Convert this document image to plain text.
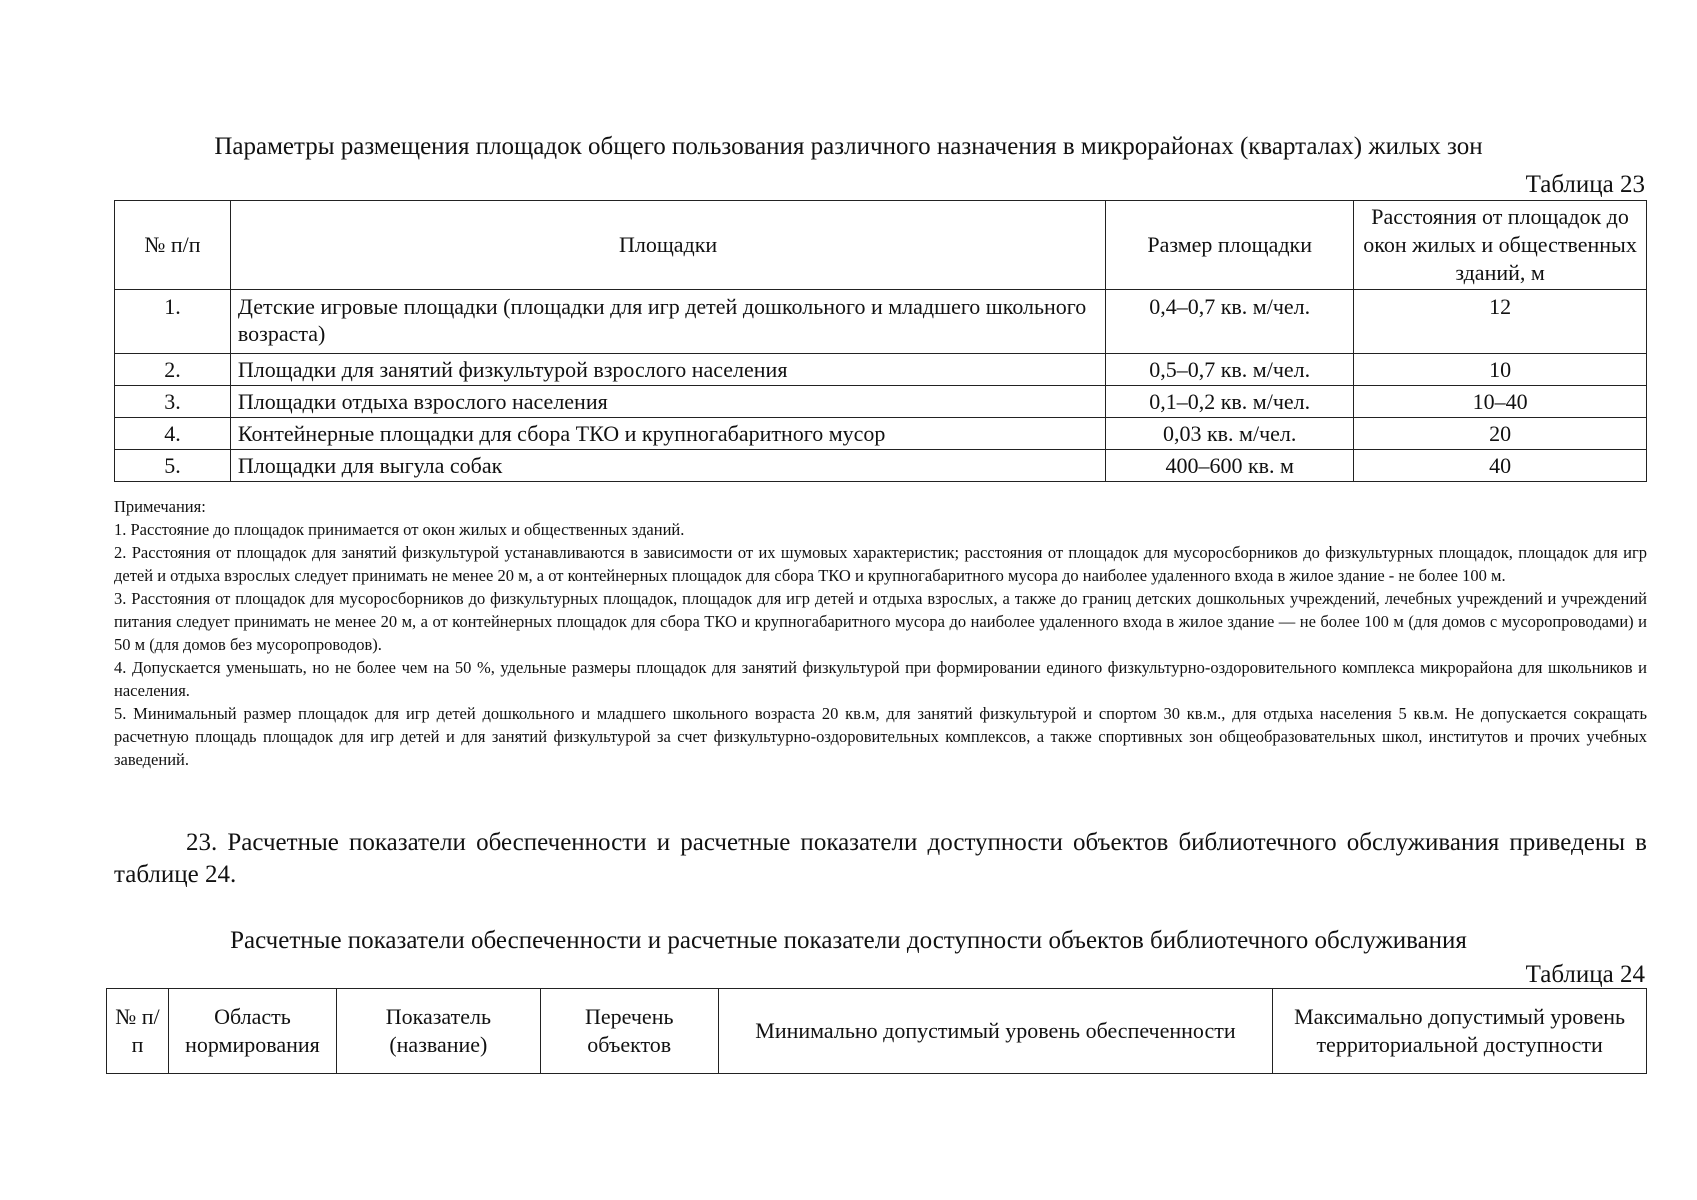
Параметры размещения площадок общего пользования различного назначения в микрорайонах (кварталах) жилых зон
Таблица 23
№ п/п	Площадки	Размер площадки	Расстояния от площадок до окон жилых и общественных зданий, м
1.	Детские игровые площадки (площадки для игр детей дошкольного и младшего школьного возраста)	0,4–0,7 кв. м/чел.	12
2.	Площадки для занятий физкультурой взрослого населения	0,5–0,7 кв. м/чел.	10
3.	Площадки отдыха взрослого населения	0,1–0,2 кв. м/чел.	10–40
4.	Контейнерные площадки для сбора ТКО и крупногабаритного мусор	0,03 кв. м/чел.	20
5.	Площадки для выгула собак	400–600 кв. м	40

Примечания:

1. Расстояние до площадок принимается от окон жилых и общественных зданий.

2. Расстояния от площадок для занятий физкультурой устанавливаются в зависимости от их шумовых характеристик; расстояния от площадок для мусоросборников до физкультурных площадок, площадок для игр детей и отдыха взрослых следует принимать не менее 20 м, а от контейнерных площадок для сбора ТКО и крупногабаритного мусора до наиболее удаленного входа в жилое здание - не более 100 м.

3. Расстояния от площадок для мусоросборников до физкультурных площадок, площадок для игр детей и отдыха взрослых, а также до границ детских дошкольных учреждений, лечебных учреждений и учреждений питания следует принимать не менее 20 м, а от контейнерных площадок для сбора ТКО и крупногабаритного мусора до наиболее удаленного входа в жилое здание — не более 100 м (для домов с мусоропроводами) и 50 м (для домов без мусоропроводов).

4. Допускается уменьшать, но не более чем на 50 %, удельные размеры площадок для занятий физкультурой при формировании единого физкультурно-оздоровительного комплекса микрорайона для школьников и населения.

5. Минимальный размер площадок для игр детей дошкольного и младшего школьного возраста 20 кв.м, для занятий физкультурой и спортом 30 кв.м., для отдыха населения 5 кв.м. Не допускается сокращать расчетную площадь площадок для игр детей и для занятий физкультурой за счет физкультурно-оздоровительных комплексов, а также спортивных зон общеобразовательных школ, институтов и прочих учебных заведений.

23. Расчетные показатели обеспеченности и расчетные показатели доступности объектов библиотечного обслуживания приведены в таблице 24.
Расчетные показатели обеспеченности и расчетные показатели доступности объектов библиотечного обслуживания
Таблица 24
№ п/п	Область нормирования	Показатель (название)	Перечень объектов	Минимально допустимый уровень обеспеченности	Максимально допустимый уровень территориальной доступности
